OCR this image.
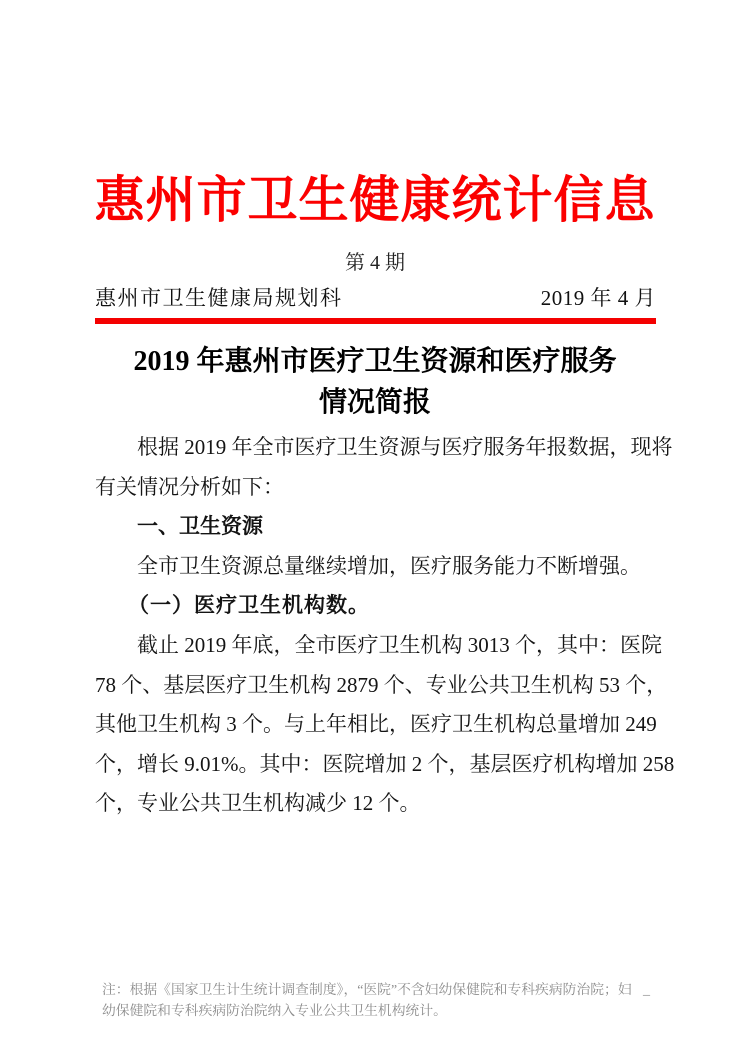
惠州市卫生健康统计信息
第 4 期
惠州市卫生健康局规划科	2019 年 4 月
2019 年惠州市医疗卫生资源和医疗服务
情况简报
根据 2019 年全市医疗卫生资源与医疗服务年报数据，现将
有关情况分析如下：
一、卫生资源
全市卫生资源总量继续增加，医疗服务能力不断增强。
（一）医疗卫生机构数。
截止 2019 年底，全市医疗卫生机构 3013 个，其中：医院
78 个、基层医疗卫生机构 2879 个、专业公共卫生机构 53 个，
其他卫生机构 3 个。与上年相比，医疗卫生机构总量增加 249
个，增长 9.01%。其中：医院增加 2 个，基层医疗机构增加 258
个，专业公共卫生机构减少 12 个。
注：根据《国家卫生计生统计调查制度》，“医院”不含妇幼保健院和专科疾病防治院；妇
幼保健院和专科疾病防治院纳入专业公共卫生机构统计。
_
